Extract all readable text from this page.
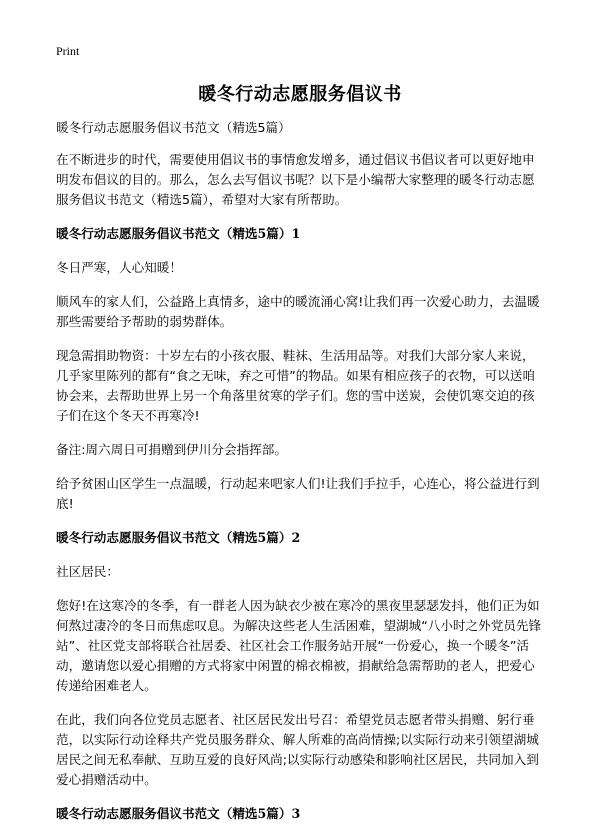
Print
暖冬行动志愿服务倡议书
暖冬行动志愿服务倡议书范文（精选5篇）
在不断进步的时代，需要使用倡议书的事情愈发增多，通过倡议书倡议者可以更好地申明发布倡议的目的。那么，怎么去写倡议书呢？以下是小编帮大家整理的暖冬行动志愿服务倡议书范文（精选5篇），希望对大家有所帮助。
暖冬行动志愿服务倡议书范文（精选5篇）1
冬日严寒，人心知暖！
顺风车的家人们，公益路上真情多，途中的暖流涌心窝!让我们再一次爱心助力，去温暖那些需要给予帮助的弱势群体。
现急需捐助物资：十岁左右的小孩衣服、鞋袜、生活用品等。对我们大部分家人来说，几乎家里陈列的都有“食之无味，弃之可惜”的物品。如果有相应孩子的衣物，可以送咱协会来，去帮助世界上另一个角落里贫寒的学子们。您的雪中送炭，会使饥寒交迫的孩子们在这个冬天不再寒冷!
备注:周六周日可捐赠到伊川分会指挥部。
给予贫困山区学生一点温暖，行动起来吧家人们!让我们手拉手，心连心，将公益进行到底!
暖冬行动志愿服务倡议书范文（精选5篇）2
社区居民：
您好!在这寒冷的冬季，有一群老人因为缺衣少被在寒冷的黑夜里瑟瑟发抖，他们正为如何熬过凄冷的冬日而焦虑叹息。为解决这些老人生活困难，望湖城“八小时之外党员先锋站”、社区党支部将联合社居委、社区社会工作服务站开展“一份爱心，换一个暖冬”活动，邀请您以爱心捐赠的方式将家中闲置的棉衣棉被，捐献给急需帮助的老人，把爱心传递给困难老人。
在此，我们向各位党员志愿者、社区居民发出号召：希望党员志愿者带头捐赠、躬行垂范，以实际行动诠释共产党员服务群众、解人所难的高尚情操;以实际行动来引领望湖城居民之间无私奉献、互助互爱的良好风尚;以实际行动感染和影响社区居民，共同加入到爱心捐赠活动中。
暖冬行动志愿服务倡议书范文（精选5篇）3
